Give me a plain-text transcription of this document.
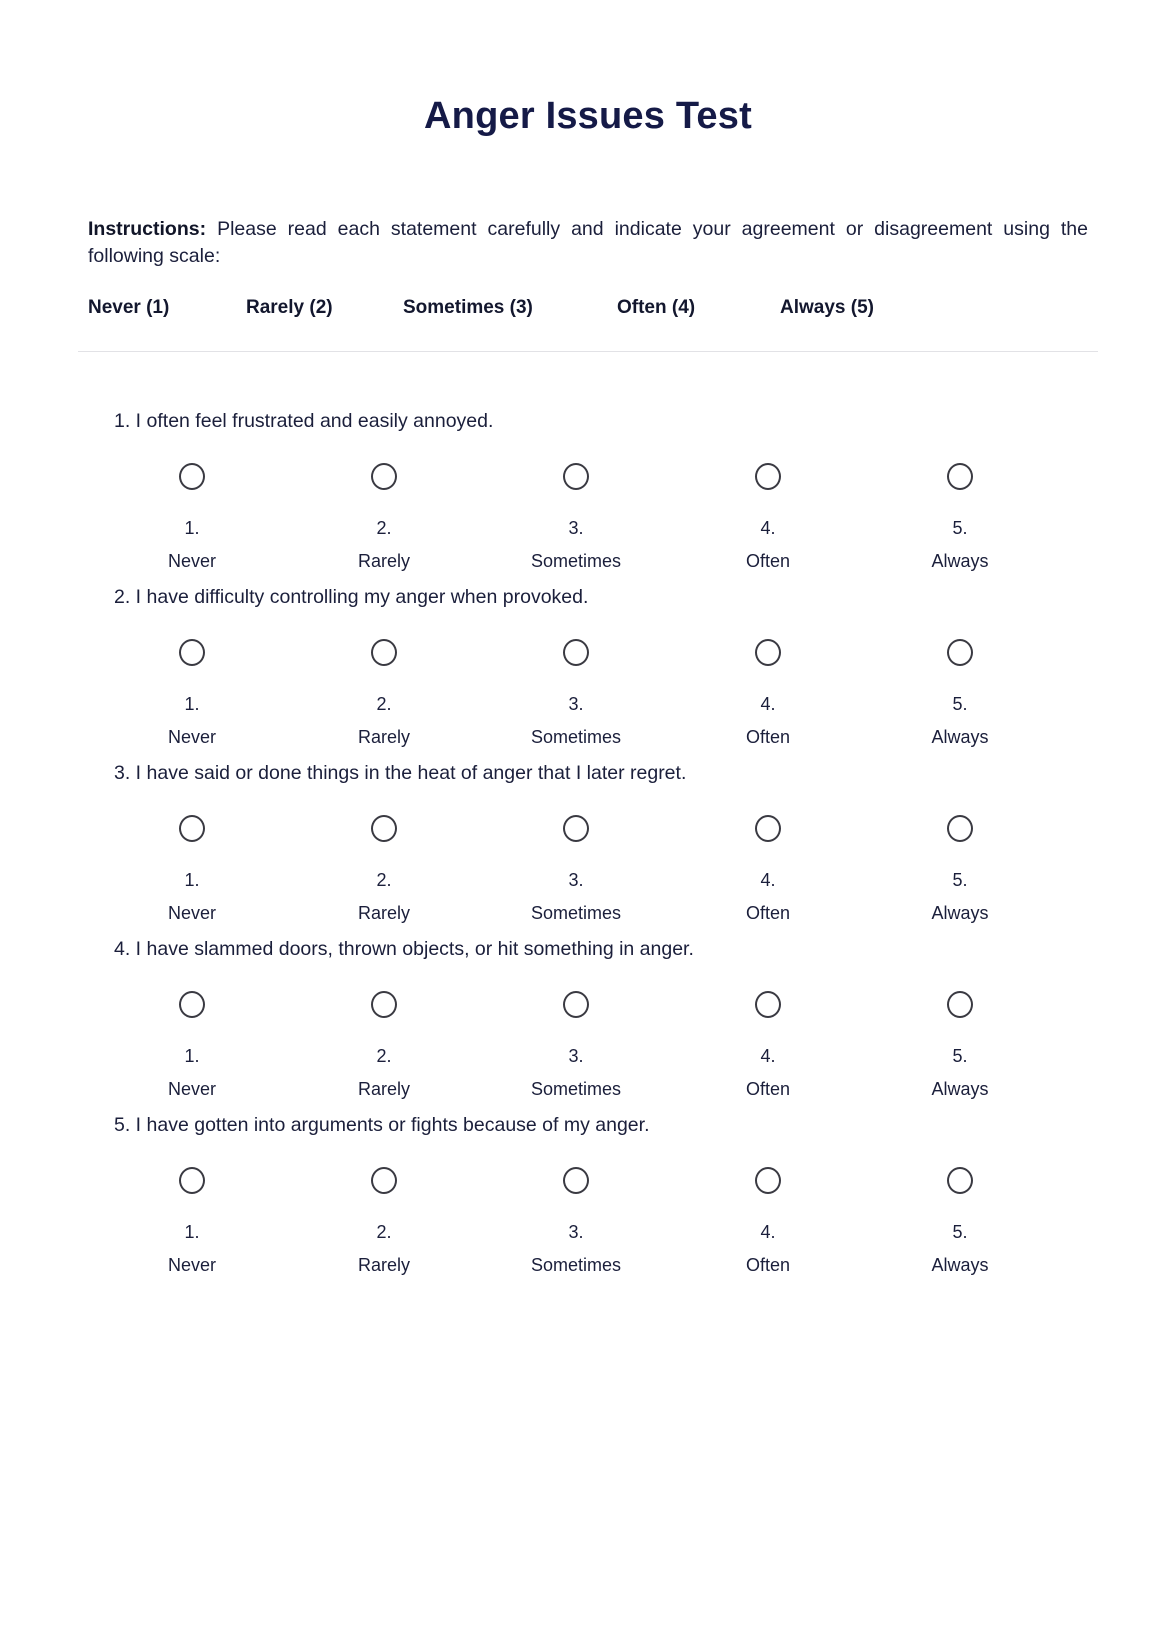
Anger Issues Test

Instructions: Please read each statement carefully and indicate your agreement or disagreement using the following scale:

Never (1)	Rarely (2)	Sometimes (3)	Often (4)	Always (5)

1. I often feel frustrated and easily annoyed.

1.
Never
2.
Rarely
3.
Sometimes
4.
Often
5.
Always

2. I have difficulty controlling my anger when provoked.

1.
Never
2.
Rarely
3.
Sometimes
4.
Often
5.
Always

3. I have said or done things in the heat of anger that I later regret.

1.
Never
2.
Rarely
3.
Sometimes
4.
Often
5.
Always

4. I have slammed doors, thrown objects, or hit something in anger.

1.
Never
2.
Rarely
3.
Sometimes
4.
Often
5.
Always

5. I have gotten into arguments or fights because of my anger.

1.
Never
2.
Rarely
3.
Sometimes
4.
Often
5.
Always
